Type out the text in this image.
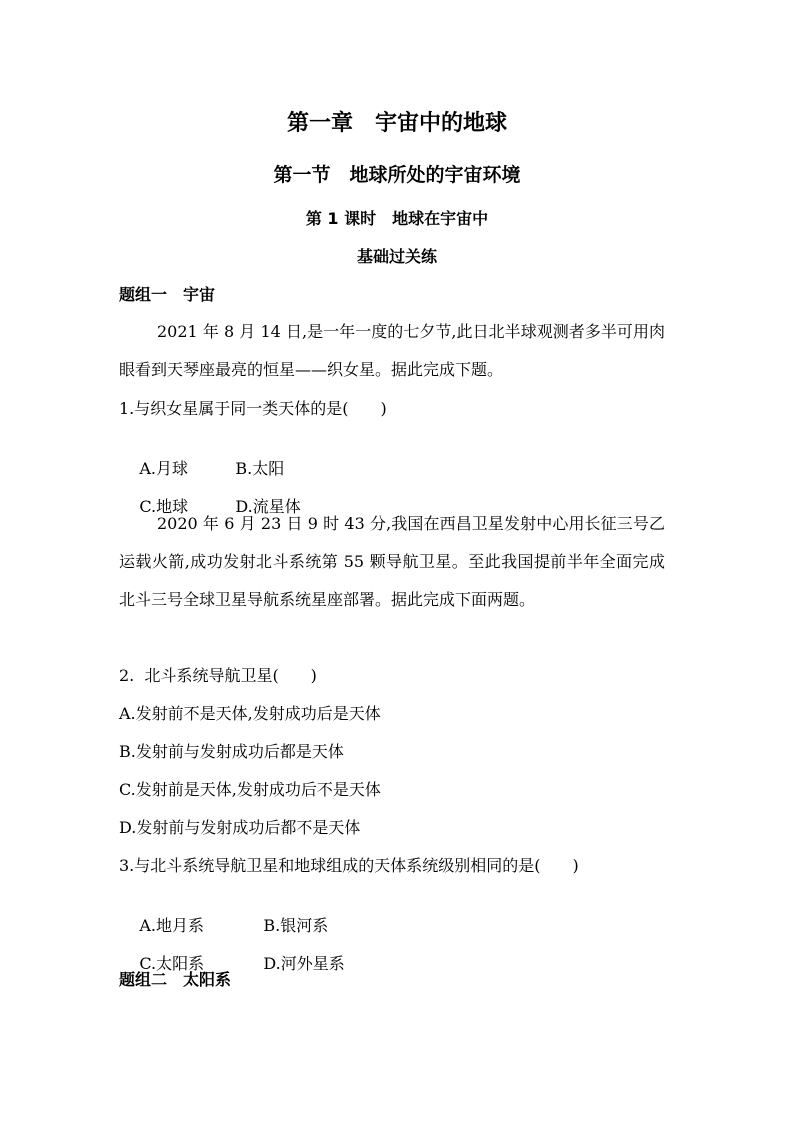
第一章　宇宙中的地球
第一节　地球所处的宇宙环境
第 1 课时　地球在宇宙中
基础过关练
题组一　宇宙
2021 年 8 月 14 日,是一年一度的七夕节,此日北半球观测者多半可用肉眼看到天琴座最亮的恒星——织女星。据此完成下题。
1.与织女星属于同一类天体的是(　　)

A.月球	B.太阳

C.地球	D.流星体

2020 年 6 月 23 日 9 时 43 分,我国在西昌卫星发射中心用长征三号乙运载火箭,成功发射北斗系统第 55 颗导航卫星。至此我国提前半年全面完成北斗三号全球卫星导航系统星座部署。据此完成下面两题。
2.  北斗系统导航卫星(　　)
A.发射前不是天体,发射成功后是天体
B.发射前与发射成功后都是天体
C.发射前是天体,发射成功后不是天体
D.发射前与发射成功后都不是天体
3.与北斗系统导航卫星和地球组成的天体系统级别相同的是(　　)

A.地月系	B.银河系

C.太阳系	D.河外星系

题组二　太阳系
